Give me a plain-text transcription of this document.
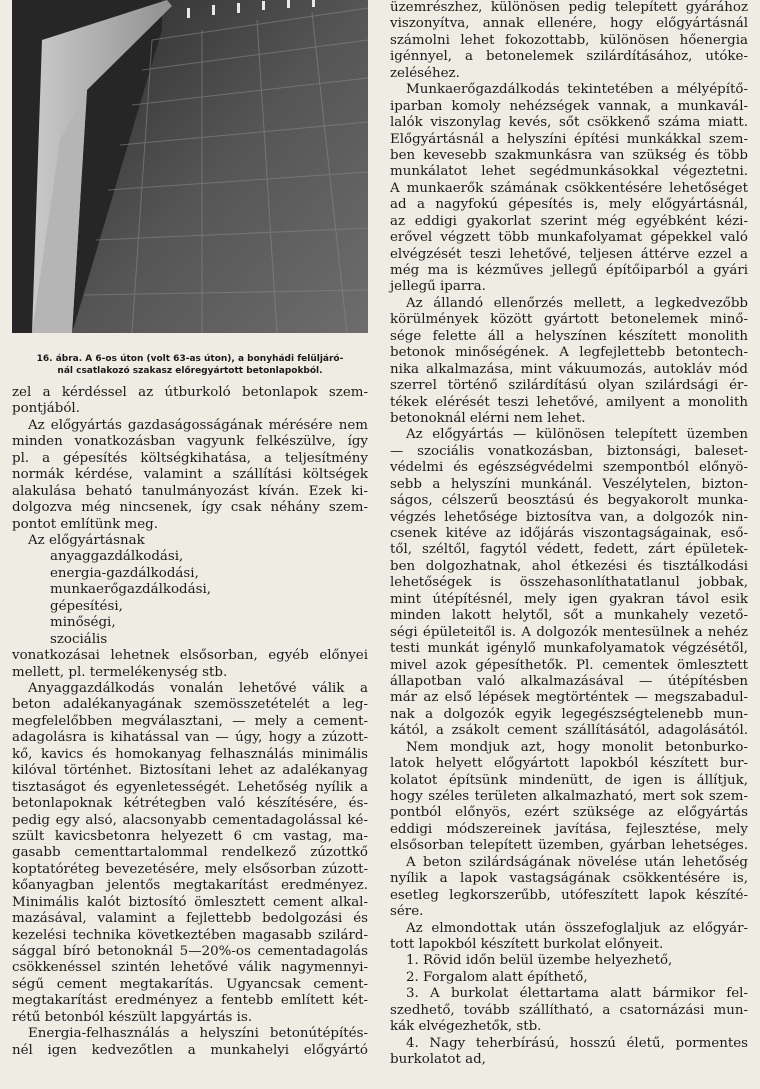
16. ábra. A 6-os úton (volt 63-as úton), a bonyhádi felüljáró-
nál csatlakozó szakasz előregyártott betonlapokból.
zel a kérdéssel az útburkoló betonlapok szem-
pontjából.
Az előgyártás gazdaságosságának mérésére nem
minden vonatkozásban vagyunk felkészülve, így
pl. a gépesítés költségkihatása, a teljesítmény
normák kérdése, valamint a szállítási költségek
alakulása beható tanulmányozást kíván. Ezek ki-
dolgozva még nincsenek, így csak néhány szem-
pontot említünk meg.
Az előgyártásnak
anyaggazdálkodási,
energia-gazdálkodási,
munkaerőgazdálkodási,
gépesítési,
minőségi,
szociális
vonatkozásai lehetnek elsősorban, egyéb előnyei
mellett, pl. termelékenység stb.
Anyaggazdálkodás vonalán lehetővé válik a
beton adalékanyagának szemösszetételét a leg-
megfelelőbben megválasztani, — mely a cement-
adagolásra is kihatással van — úgy, hogy a zúzott-
kő, kavics és homokanyag felhasználás minimális
kilóval történhet. Biztosítani lehet az adalékanyag
tisztaságot és egyenletességét. Lehetőség nyílik a
betonlapoknak kétrétegben való készítésére, és-
pedig egy alsó, alacsonyabb cementadagolással ké-
szült kavicsbetonra helyezett 6 cm vastag, ma-
gasabb cementtartalommal rendelkező zúzottkő
koptatóréteg bevezetésére, mely elsősorban zúzott-
kőanyagban jelentős megtakarítást eredményez.
Minimális kalót biztosító ömlesztett cement alkal-
mazásával, valamint a fejlettebb bedolgozási és
kezelési technika következtében magasabb szilárd-
sággal bíró betonoknál 5—20%-os cementadagolás
csökkenéssel szintén lehetővé válik nagymennyi-
ségű cement megtakarítás. Ugyancsak cement-
megtakarítást eredményez a fentebb említett két-
rétű betonból készült lapgyártás is.
Energia-felhasználás a helyszíni betonútépítés-
nél igen kedvezőtlen a munkahelyi előgyártó
üzemrészhez, különösen pedig telepített gyárához
viszonyítva, annak ellenére, hogy előgyártásnál
számolni lehet fokozottabb, különösen hőenergia
igénnyel, a betonelemek szilárdításához, utóke-
zeléséhez.
Munkaerőgazdálkodás tekintetében a mélyépítő-
iparban komoly nehézségek vannak, a munkavál-
lalók viszonylag kevés, sőt csökkenő száma miatt.
Előgyártásnál a helyszíni építési munkákkal szem-
ben kevesebb szakmunkásra van szükség és több
munkálatot lehet segédmunkásokkal végeztetni.
A munkaerők számának csökkentésére lehetőséget
ad a nagyfokú gépesítés is, mely előgyártásnál,
az eddigi gyakorlat szerint még egyébként kézi-
erővel végzett több munkafolyamat gépekkel való
elvégzését teszi lehetővé, teljesen áttérve ezzel a
még ma is kézműves jellegű építőiparból a gyári
jellegű iparra.
Az állandó ellenőrzés mellett, a legkedvezőbb
körülmények között gyártott betonelemek minő-
sége felette áll a helyszínen készített monolith
betonok minőségének. A legfejlettebb betontech-
nika alkalmazása, mint vákuumozás, autokláv mód
szerrel történő szilárdítású olyan szilárdsági ér-
tékek elérését teszi lehetővé, amilyent a monolith
betonoknál elérni nem lehet.
Az előgyártás — különösen telepített üzemben
— szociális vonatkozásban, biztonsági, baleset-
védelmi és egészségvédelmi szempontból előnyö-
sebb a helyszíni munkánál. Veszélytelen, bizton-
ságos, célszerű beosztású és begyakorolt munka-
végzés lehetősége biztosítva van, a dolgozók nin-
csenek kitéve az időjárás viszontagságainak, eső-
től, széltől, fagytól védett, fedett, zárt épületek-
ben dolgozhatnak, ahol étkezési és tisztálkodási
lehetőségek is összehasonlíthatatlanul jobbak,
mint útépítésnél, mely igen gyakran távol esik
minden lakott helytől, sőt a munkahely vezető-
ségi épületeitől is. A dolgozók mentesülnek a nehéz
testi munkát igénylő munkafolyamatok végzésétől,
mivel azok gépesíthetők. Pl. cementek ömlesztett
állapotban való alkalmazásával — útépítésben
már az első lépések megtörténtek — megszabadul-
nak a dolgozók egyik legegészségtelenebb mun-
kától, a zsákolt cement szállításától, adagolásától.
Nem mondjuk azt, hogy monolit betonburko-
latok helyett előgyártott lapokból készített bur-
kolatot építsünk mindenütt, de igen is állítjuk,
hogy széles területen alkalmazható, mert sok szem-
pontból előnyös, ezért szüksége az előgyártás
eddigi módszereinek javítása, fejlesztése, mely
elsősorban telepített üzemben, gyárban lehetséges.
A beton szilárdságának növelése után lehetőség
nyílik a lapok vastagságának csökkentésére is,
esetleg legkorszerűbb, utófeszített lapok készíté-
sére.
Az elmondottak után összefoglaljuk az előgyár-
tott lapokból készített burkolat előnyeit.
1. Rövid időn belül üzembe helyezhető,
2. Forgalom alatt építhető,
3. A burkolat élettartama alatt bármikor fel-
szedhető, tovább szállítható, a csatornázási mun-
kák elvégezhetők, stb.
4. Nagy teherbírású, hosszú életű, pormentes
burkolatot ad,
